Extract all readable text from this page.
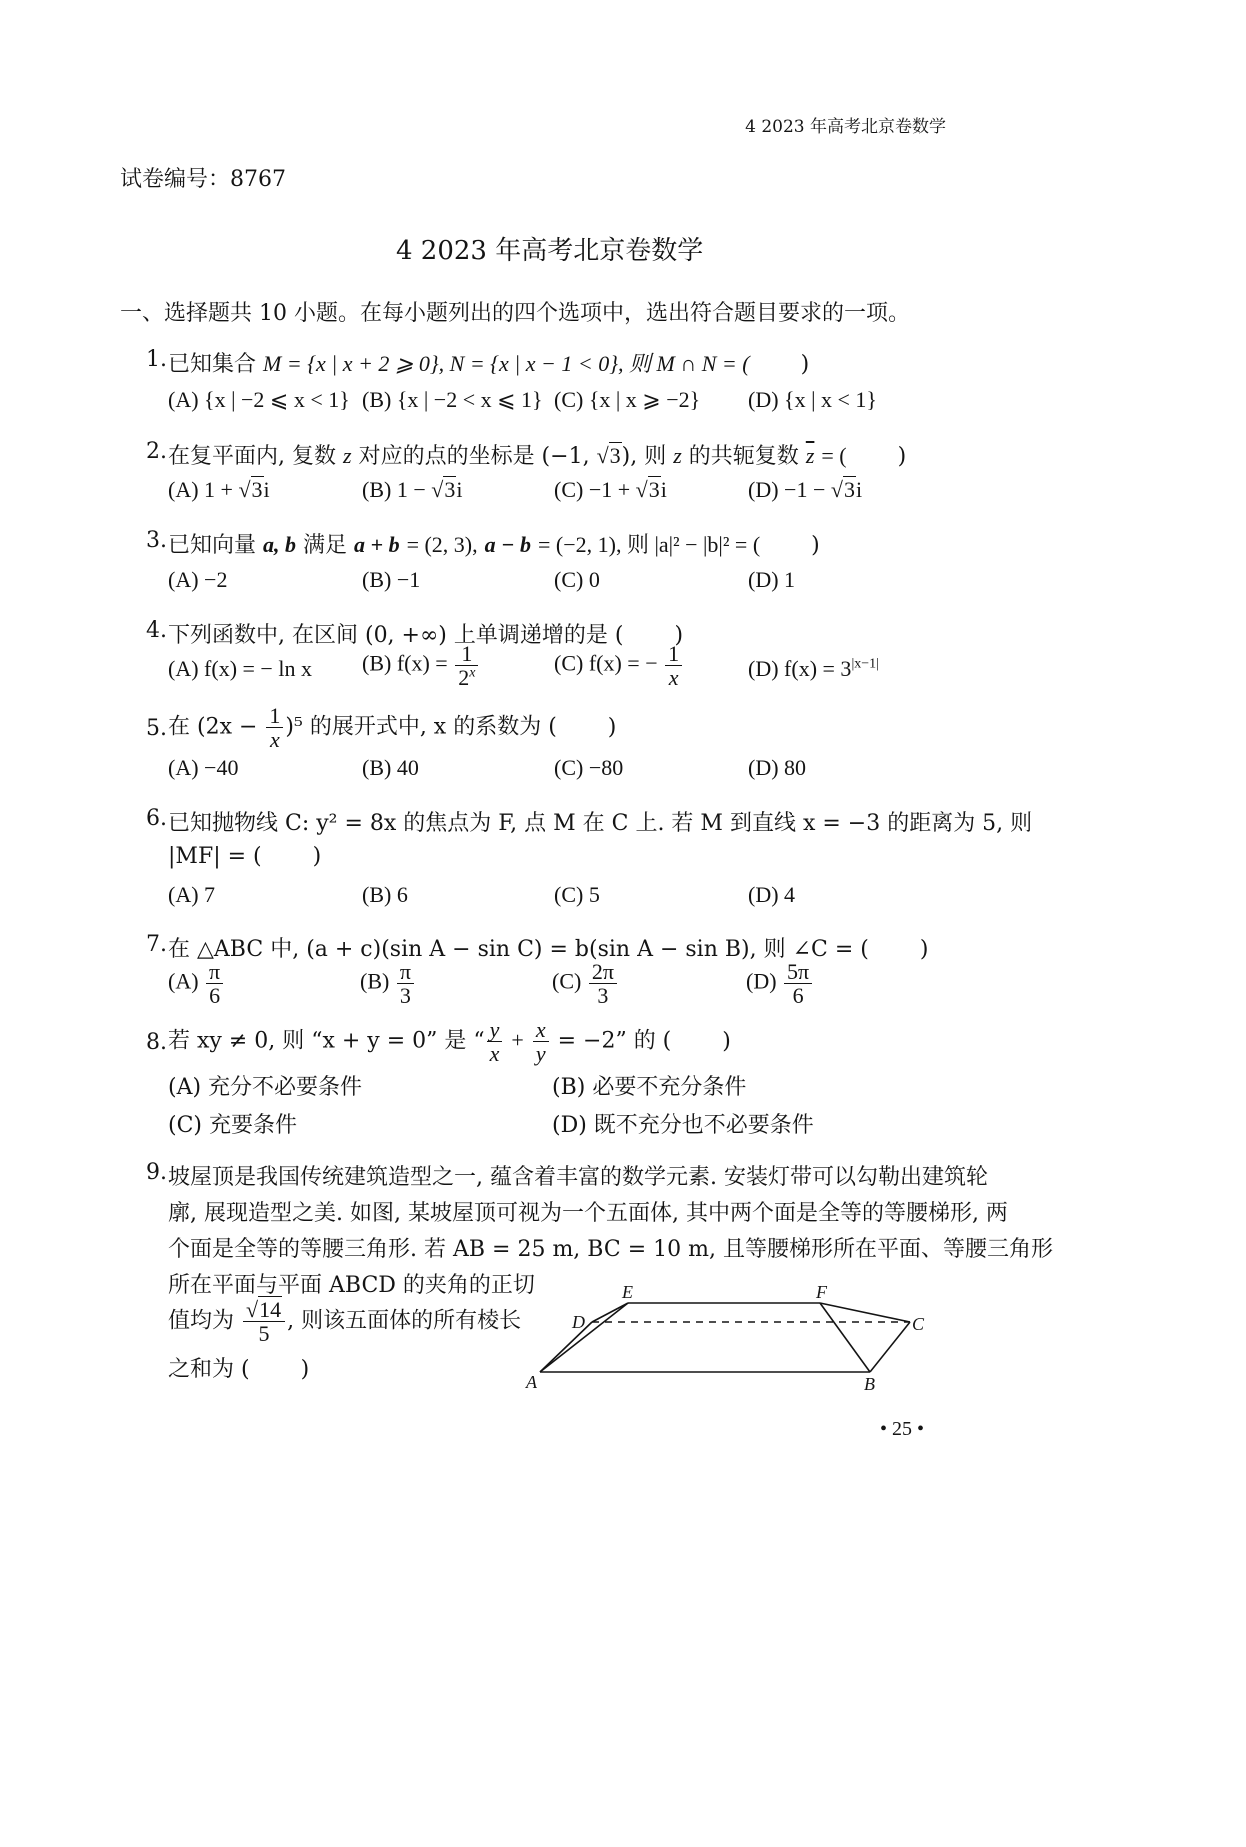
4 2023 年高考北京卷数学
试卷编号：8767
4 2023 年高考北京卷数学
一、选择题共 10 小题。在每小题列出的四个选项中，选出符合题目要求的一项。
1. 已知集合 M = {x | x + 2 ⩾ 0}, N = {x | x − 1 < 0}, 则 M ∩ N = ( )
(A) {x | −2 ⩽ x < 1} (B) {x | −2 < x ⩽ 1} (C) {x | x ⩾ −2} (D) {x | x < 1}
2. 在复平面内, 复数 z 对应的点的坐标是 (−1, √3), 则 z 的共轭复数 $\overline{z}$ = ( )
(A) 1 + √3i	(B) 1 − √3i	(C) −1 + √3i	(D) −1 − √3i
3. 已知向量 a, b 满足 a + b = (2, 3), a − b = (−2, 1), 则 |a|² − |b|² = ( )
(A) −2	(B) −1	(C) 0	(D) 1
4. 下列函数中, 在区间 (0, +∞) 上单调递增的是 ( )
(A) f(x) = − ln x (B) $f(x) = \frac{1}{2^x}$	(C) f(x) = − $\frac{1}{x}$	(D) $f(x) = 3^{|x-1|}$
5. 在 $(2x - \frac{1}{x} )^5$ 的展开式中, x 的系数为 ( )
(A) −40	(B) 40	(C) −80	(D) 80
6. 已知抛物线 C: y² = 8x 的焦点为 F, 点 M 在 C 上. 若 M 到直线 x = −3 的距离为 5, 则
|MF| = ( )
(A) 7	(B) 6	(C) 5	(D) 4
7. 在 △ABC 中, (a + c)(sin A − sin C) = b(sin A − sin B), 则 ∠C = ( )
$(A) \frac{\pi}{6}$	$(B) \frac{\pi}{3}$	$(C) \frac{2\pi}{3}$	$(D) \frac{5\pi}{6}$
8. 若 xy ≠ 0, 则 “x + y = 0” 是 “ $\frac{y}{x} + \frac{x}{y} = -2$” 的 ( )
(A) 充分不必要条件	(B) 必要不充分条件
(C) 充要条件	(D) 既不充分也不必要条件
9. 坡屋顶是我国传统建筑造型之一, 蕴含着丰富的数学元素. 安装灯带可以勾勒出建筑轮
廓, 展现造型之美. 如图, 某坡屋顶可视为一个五面体, 其中两个面是全等的等腰梯形, 两
个面是全等的等腰三角形. 若 AB = 25 m, BC = 10 m, 且等腰梯形所在平面、等腰三角形
所在平面与平面 ABCD 的夹角的正切
值均为 $\frac{√14}{5}$ , 则该五面体的所有棱长
之和为 ( )	A	B
C
D
E	F
• 25 •
